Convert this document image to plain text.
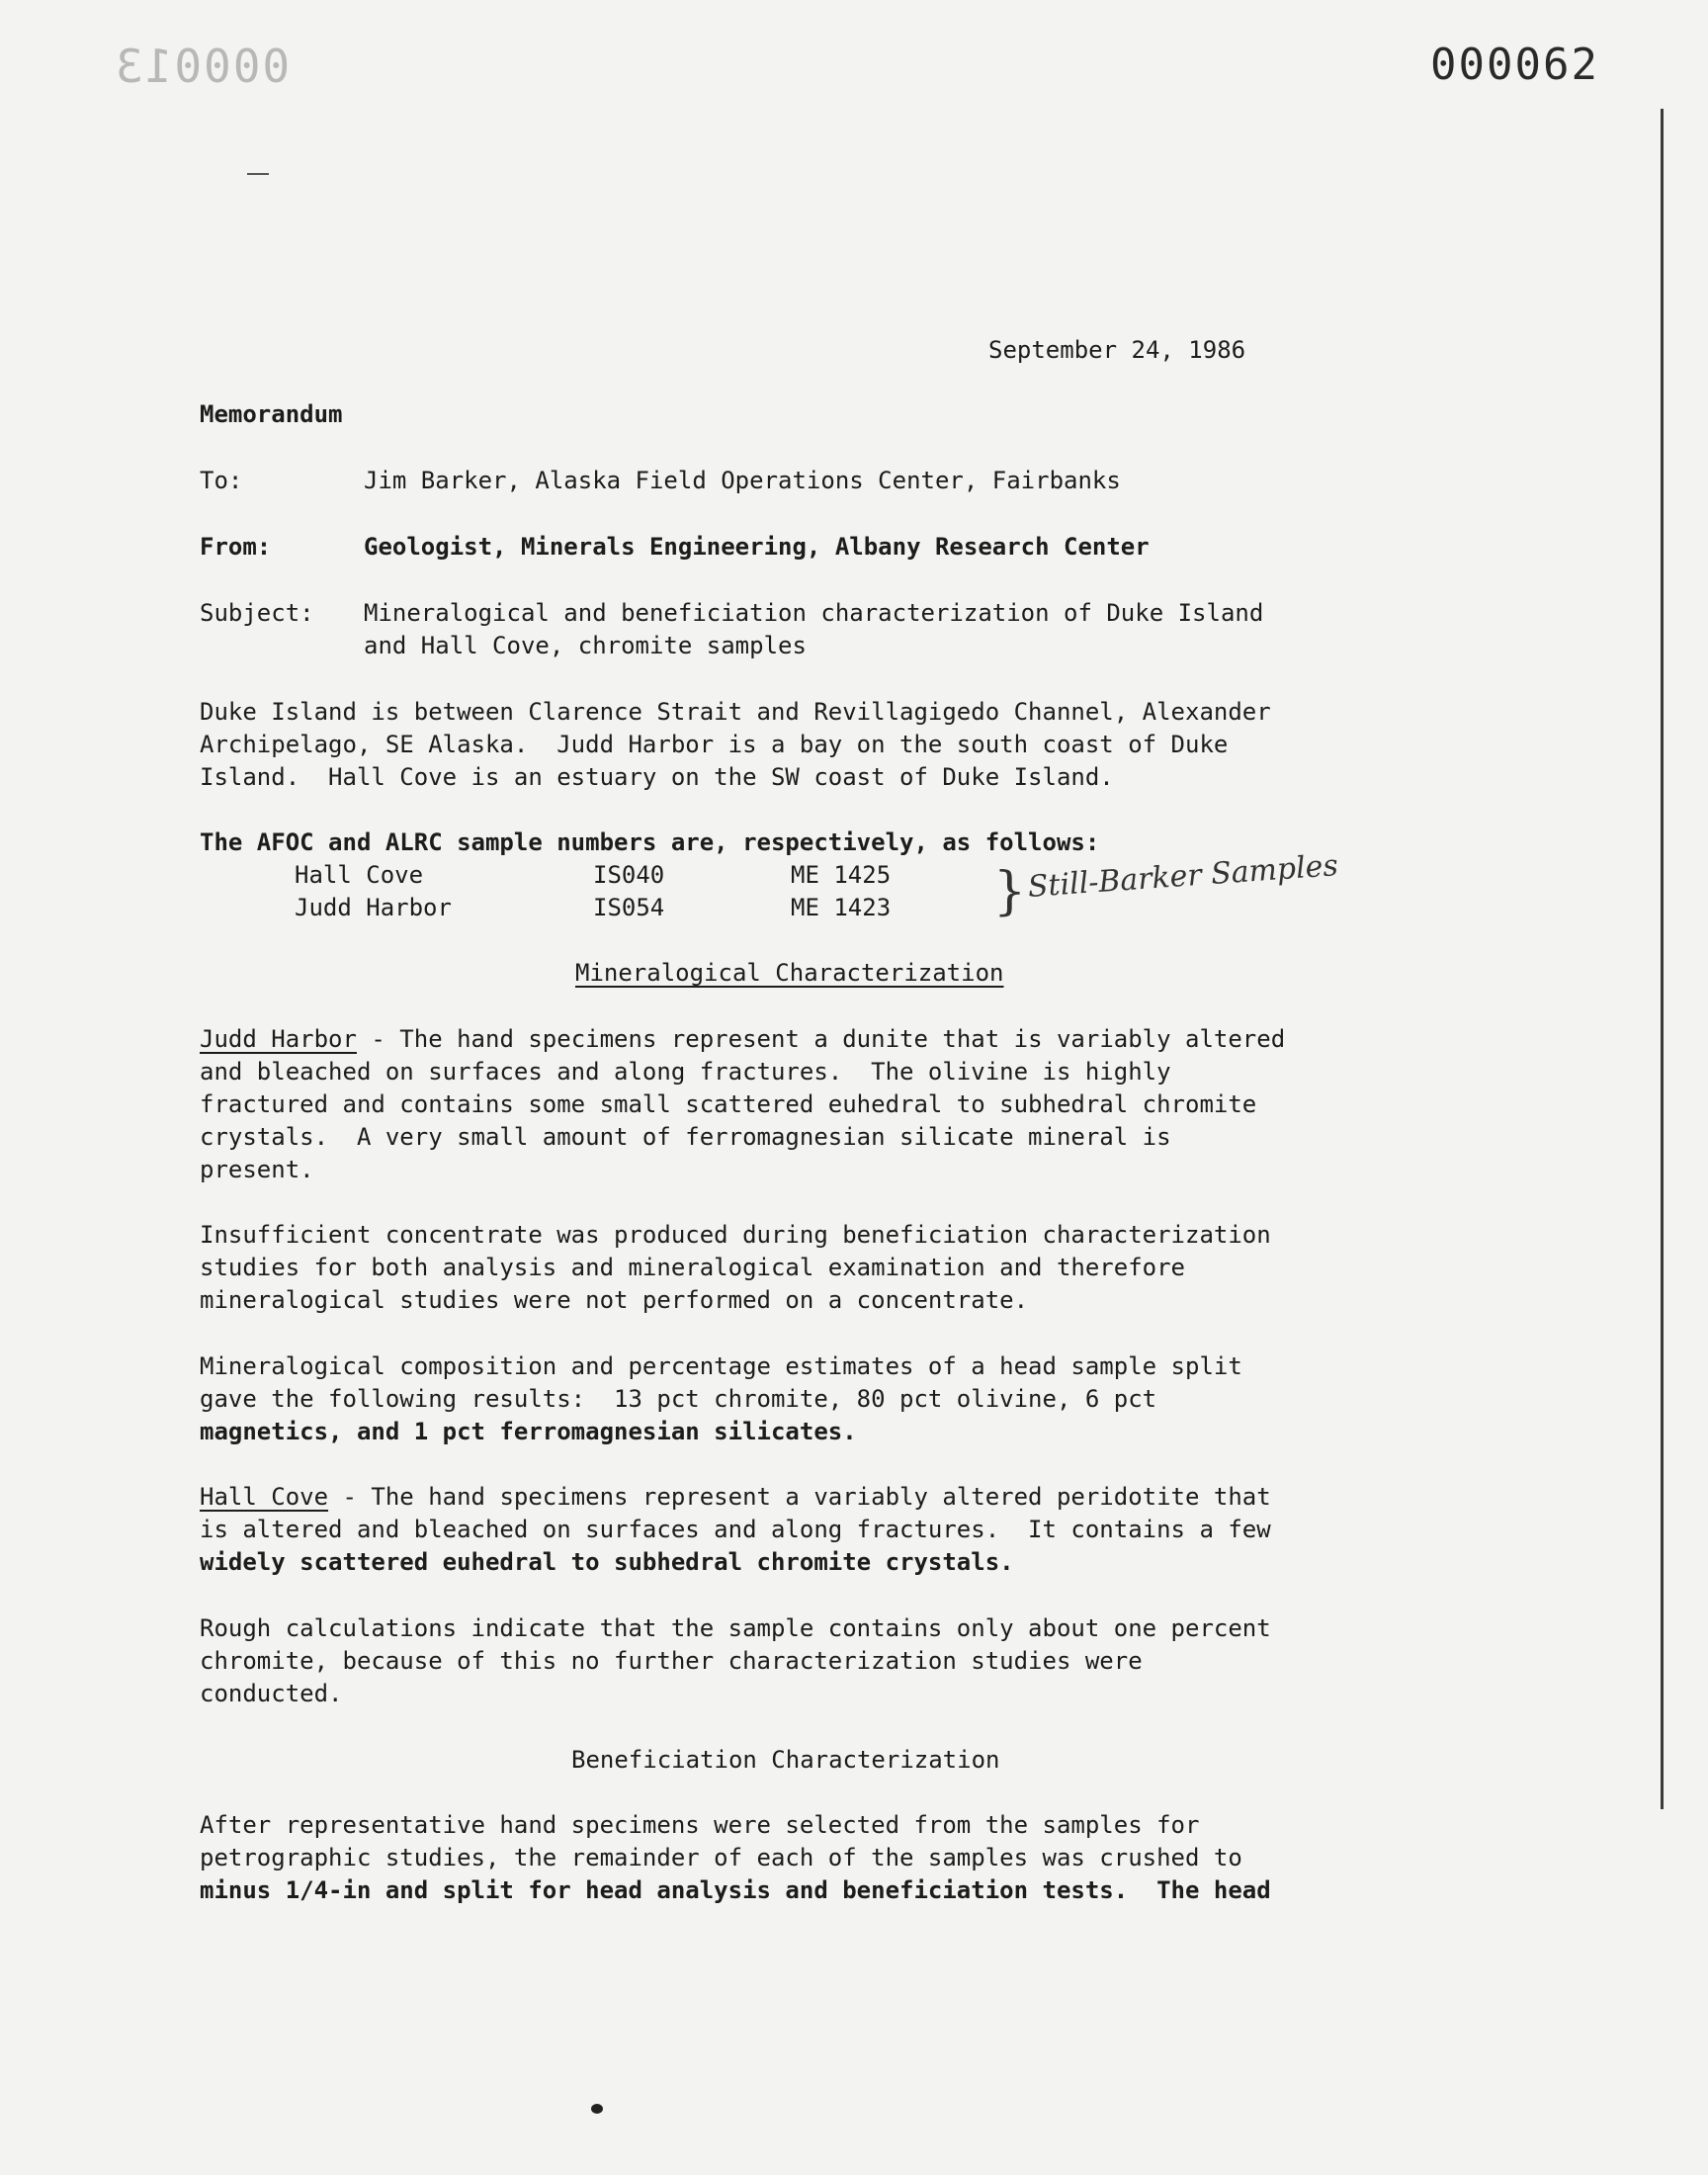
000013	000062
September 24, 1986
Memorandum
To:	Jim Barker, Alaska Field Operations Center, Fairbanks
From:	Geologist, Minerals Engineering, Albany Research Center
Subject: Mineralogical and beneficiation characterization of Duke Island
and Hall Cove, chromite samples
Duke Island is between Clarence Strait and Revillagigedo Channel, Alexander
Archipelago, SE Alaska.  Judd Harbor is a bay on the south coast of Duke
Island.  Hall Cove is an estuary on the SW coast of Duke Island.
The AFOC and ALRC sample numbers are, respectively, as follows:
Hall Cove	IS040	ME 1425
Judd Harbor	IS054	ME 1423 } Still-Barker Samples
Mineralogical Characterization
Judd Harbor - The hand specimens represent a dunite that is variably altered
and bleached on surfaces and along fractures.  The olivine is highly
fractured and contains some small scattered euhedral to subhedral chromite
crystals.  A very small amount of ferromagnesian silicate mineral is
present.
Insufficient concentrate was produced during beneficiation characterization
studies for both analysis and mineralogical examination and therefore
mineralogical studies were not performed on a concentrate.
Mineralogical composition and percentage estimates of a head sample split
gave the following results:  13 pct chromite, 80 pct olivine, 6 pct
magnetics, and 1 pct ferromagnesian silicates.
Hall Cove - The hand specimens represent a variably altered peridotite that
is altered and bleached on surfaces and along fractures.  It contains a few
widely scattered euhedral to subhedral chromite crystals.
Rough calculations indicate that the sample contains only about one percent
chromite, because of this no further characterization studies were
conducted.
Beneficiation Characterization
After representative hand specimens were selected from the samples for
petrographic studies, the remainder of each of the samples was crushed to
minus 1/4-in and split for head analysis and beneficiation tests.  The head
